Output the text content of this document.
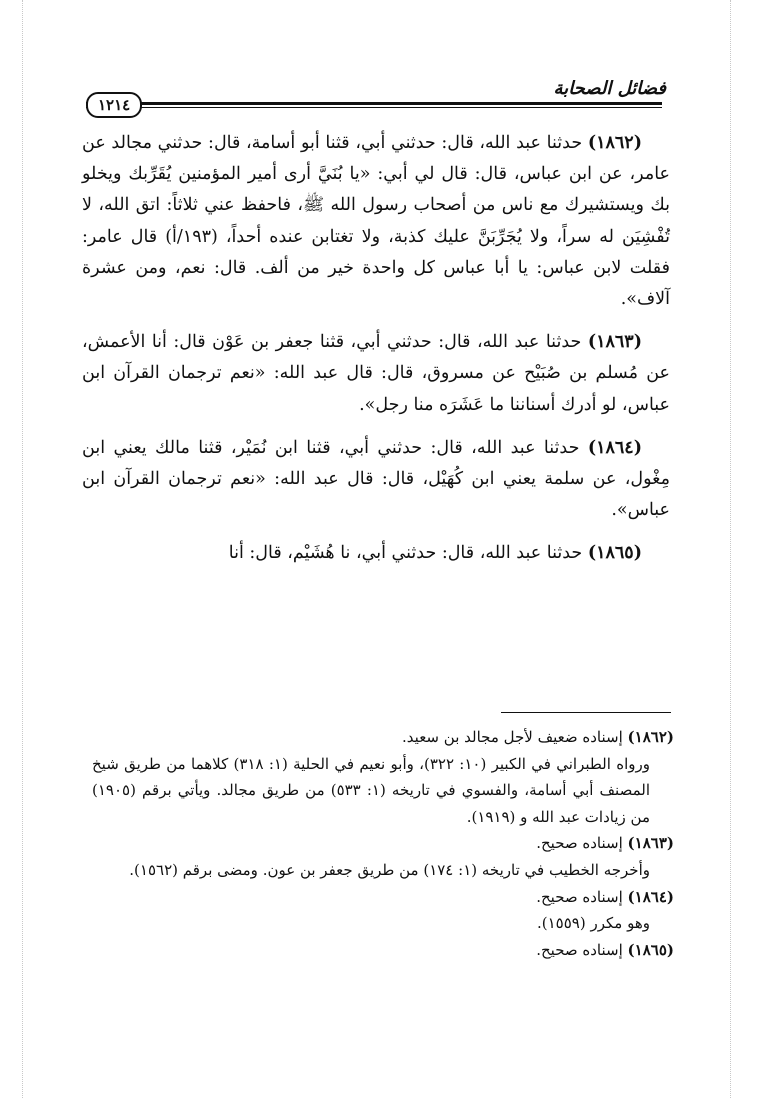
فضائل الصحابة
١٢١٤

(١٨٦٢) حدثنا عبد الله، قال: حدثني أبي، قثنا أبو أسامة، قال: حدثني مجالد عن عامر، عن ابن عباس، قال: قال لي أبي: «يا بُنَيَّ أرى أمير المؤمنين يُقَرِّبك ويخلو بك ويستشيرك مع ناس من أصحاب رسول الله ﷺ، فاحفظ عني ثلاثاً: اتق الله، لا تُفْشِيَن له سراً، ولا يُجَرِّبَنَّ عليك كذبة، ولا تغتابن عنده أحداً، (١٩٣/أ) قال عامر: فقلت لابن عباس: يا أبا عباس كل واحدة خير من ألف. قال: نعم، ومن عشرة آلاف».

(١٨٦٣) حدثنا عبد الله، قال: حدثني أبي، قثنا جعفر بن عَوْن قال: أنا الأعمش، عن مُسلم بن صُبَيْح عن مسروق، قال: قال عبد الله: «نعم ترجمان القرآن ابن عباس، لو أدرك أسناننا ما عَشَرَه منا رجل».

(١٨٦٤) حدثنا عبد الله، قال: حدثني أبي، قثنا ابن نُمَيْر، قثنا مالك يعني ابن مِغْول، عن سلمة يعني ابن كُهَيْل، قال: قال عبد الله: «نعم ترجمان القرآن ابن عباس».

(١٨٦٥) حدثنا عبد الله، قال: حدثني أبي، نا هُشَيْم، قال: أنا

(١٨٦٢) إسناده ضعيف لأجل مجالد بن سعيد.

ورواه الطبراني في الكبير (١٠: ٣٢٢)، وأبو نعيم في الحلية (١: ٣١٨) كلاهما من طريق شيخ المصنف أبي أسامة، والفسوي في تاريخه (١: ٥٣٣) من طريق مجالد. ويأتي برقم (١٩٠٥) من زيادات عبد الله و (١٩١٩).

(١٨٦٣) إسناده صحيح.

وأخرجه الخطيب في تاريخه (١: ١٧٤) من طريق جعفر بن عون. ومضى برقم (١٥٦٢).

(١٨٦٤) إسناده صحيح.

وهو مكرر (١٥٥٩).

(١٨٦٥) إسناده صحيح.
